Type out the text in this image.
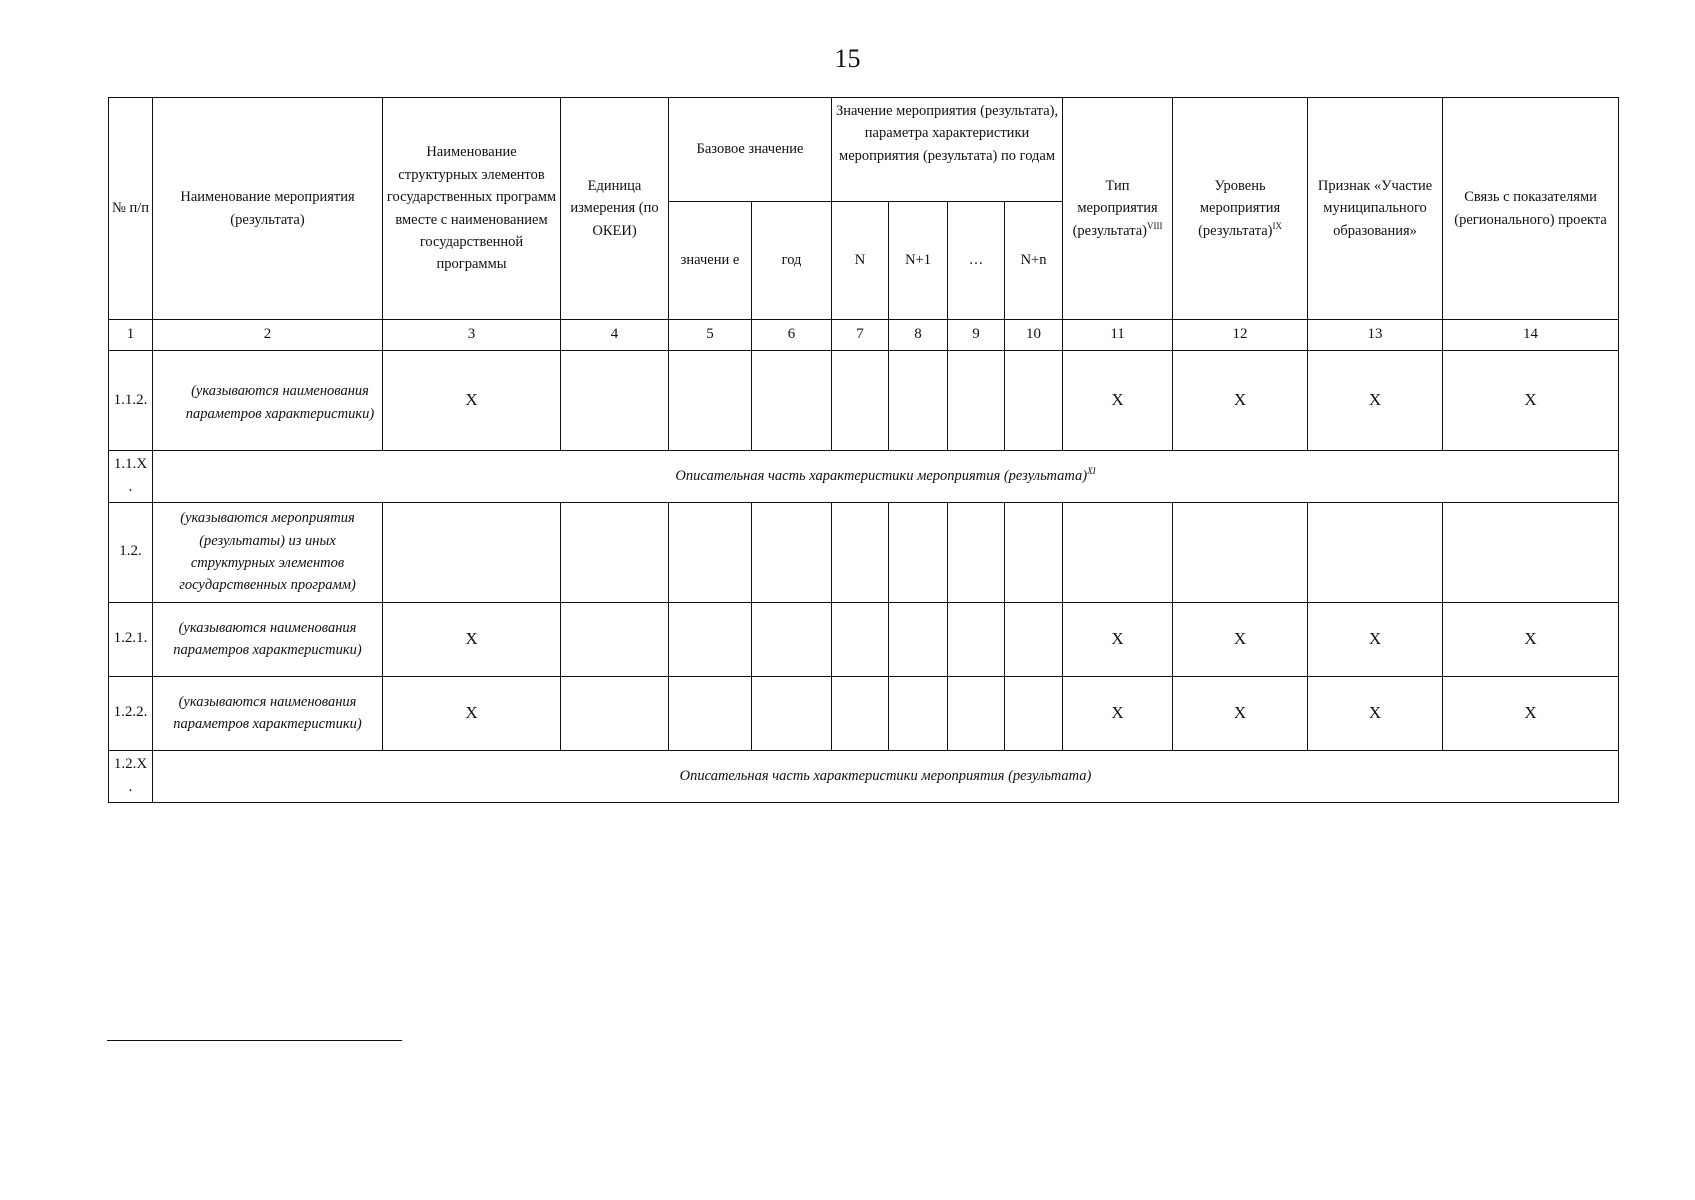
15
№ п/п	Наименование мероприятия (результата)	Наименование структурных элементов государственных программ вместе с наименованием государственной программы	Единица измерения (по ОКЕИ)	Базовое значение		Значение мероприятия (результата), параметра характеристики мероприятия (результата) по годам				Тип мероприятия (результата)$^{VIII}$	Уровень мероприятия (результата)$^{IX}$	Признак «Участие муниципального образования»	Связь с показателями (регионального) проекта
				значени е	год	N	N+1	…	N+n				
1	2	3	4	5	6	7	8	9	10	11	12	13	14
1.1.2.	(указываются наименования параметров характеристики)	X								X	X	X	X
1.1.X .	Описательная часть характеристики мероприятия (результата)$^{XI}$
1.2.	(указываются мероприятия (результаты) из иных структурных элементов государственных программ)												
1.2.1.	(указываются наименования параметров характеристики)	X								X	X	X	X
1.2.2.	(указываются наименования параметров характеристики)	X								X	X	X	X
1.2.X .	Описательная часть характеристики мероприятия (результата)												
